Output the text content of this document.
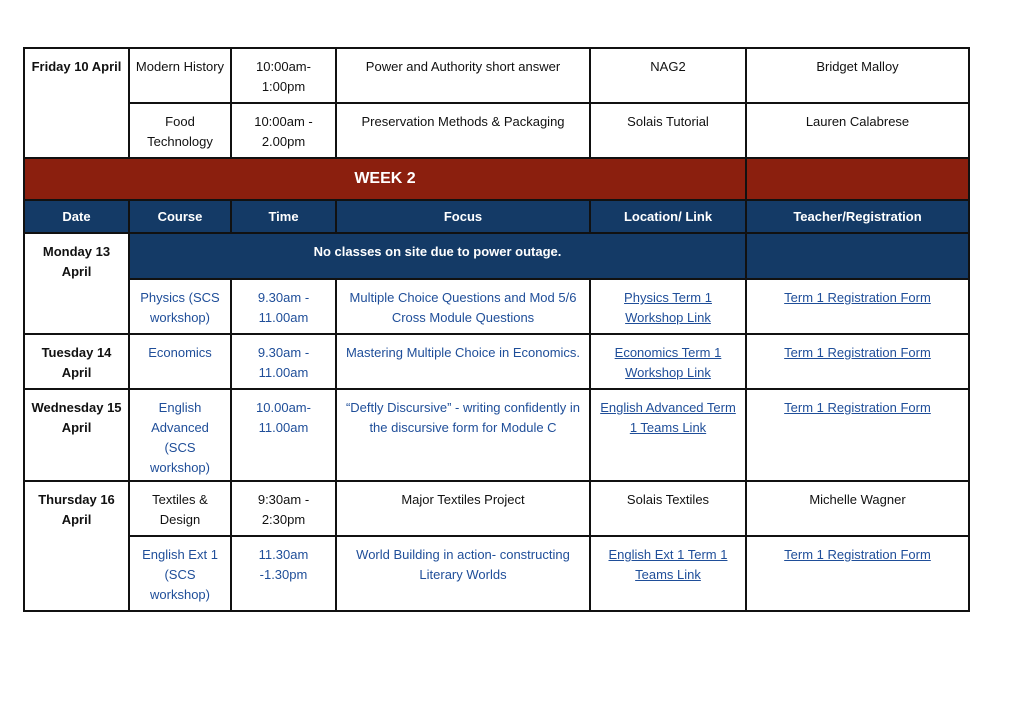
Friday 10 April	Modern History	10:00am- 1:00pm	Power and Authority short answer	NAG2	Bridget Malloy
	Food Technology	10:00am - 2.00pm	Preservation Methods & Packaging	Solais Tutorial	Lauren Calabrese
WEEK 2					
Date	Course	Time	Focus	Location/ Link	Teacher/Registration
Monday 13 April	No classes on site due to power outage.				
	Physics (SCS workshop)	9.30am - 11.00am	Multiple Choice Questions and Mod 5/6 Cross Module Questions	Physics Term 1 Workshop Link	Term 1 Registration Form
Tuesday 14 April	Economics	9.30am - 11.00am	Mastering Multiple Choice in Economics.	Economics Term 1 Workshop Link	Term 1 Registration Form
Wednesday 15 April	English Advanced (SCS workshop)	10.00am- 11.00am	“Deftly Discursive” - writing confidently in the discursive form for Module C	English Advanced Term 1 Teams Link	Term 1 Registration Form
Thursday 16 April	Textiles & Design	9:30am - 2:30pm	Major Textiles Project	Solais Textiles	Michelle Wagner
	English Ext 1 (SCS workshop)	11.30am -1.30pm	World Building in action- constructing Literary Worlds	English Ext 1 Term 1 Teams Link	Term 1 Registration Form
